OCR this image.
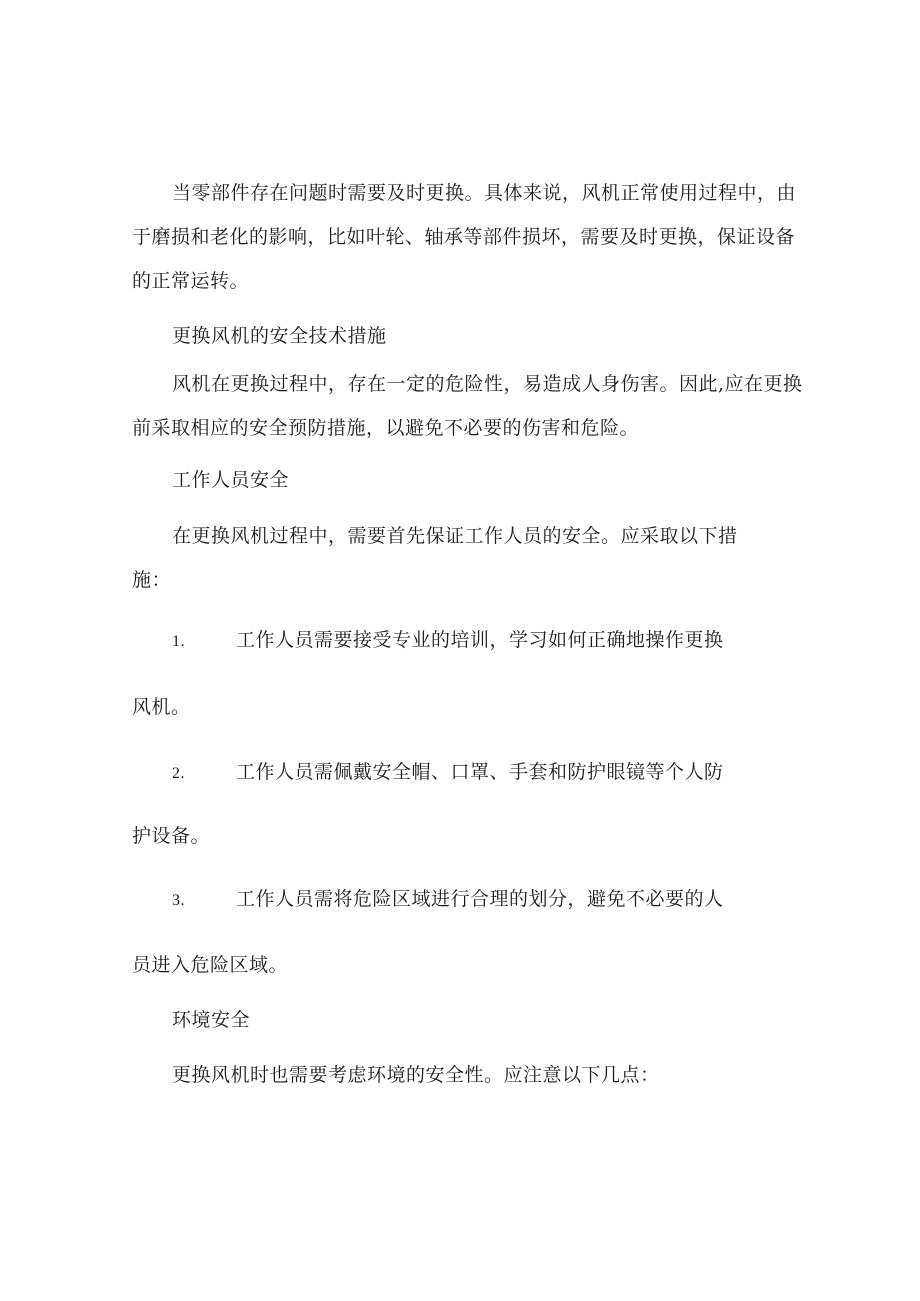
当零部件存在问题时需要及时更换。具体来说，风机正常使用过程中，由于磨损和老化的影响，比如叶轮、轴承等部件损坏，需要及时更换，保证设备的正常运转。

更换风机的安全技术措施

风机在更换过程中，存在一定的危险性，易造成人身伤害。因此,应在更换前采取相应的安全预防措施，以避免不必要的伤害和危险。

工作人员安全

在更换风机过程中，需要首先保证工作人员的安全。应采取以下措施：

1.	工作人员需要接受专业的培训，学习如何正确地操作更换

风机。

2.	工作人员需佩戴安全帽、口罩、手套和防护眼镜等个人防

护设备。

3.	工作人员需将危险区域进行合理的划分，避免不必要的人

员进入危险区域。

环境安全

更换风机时也需要考虑环境的安全性。应注意以下几点：
